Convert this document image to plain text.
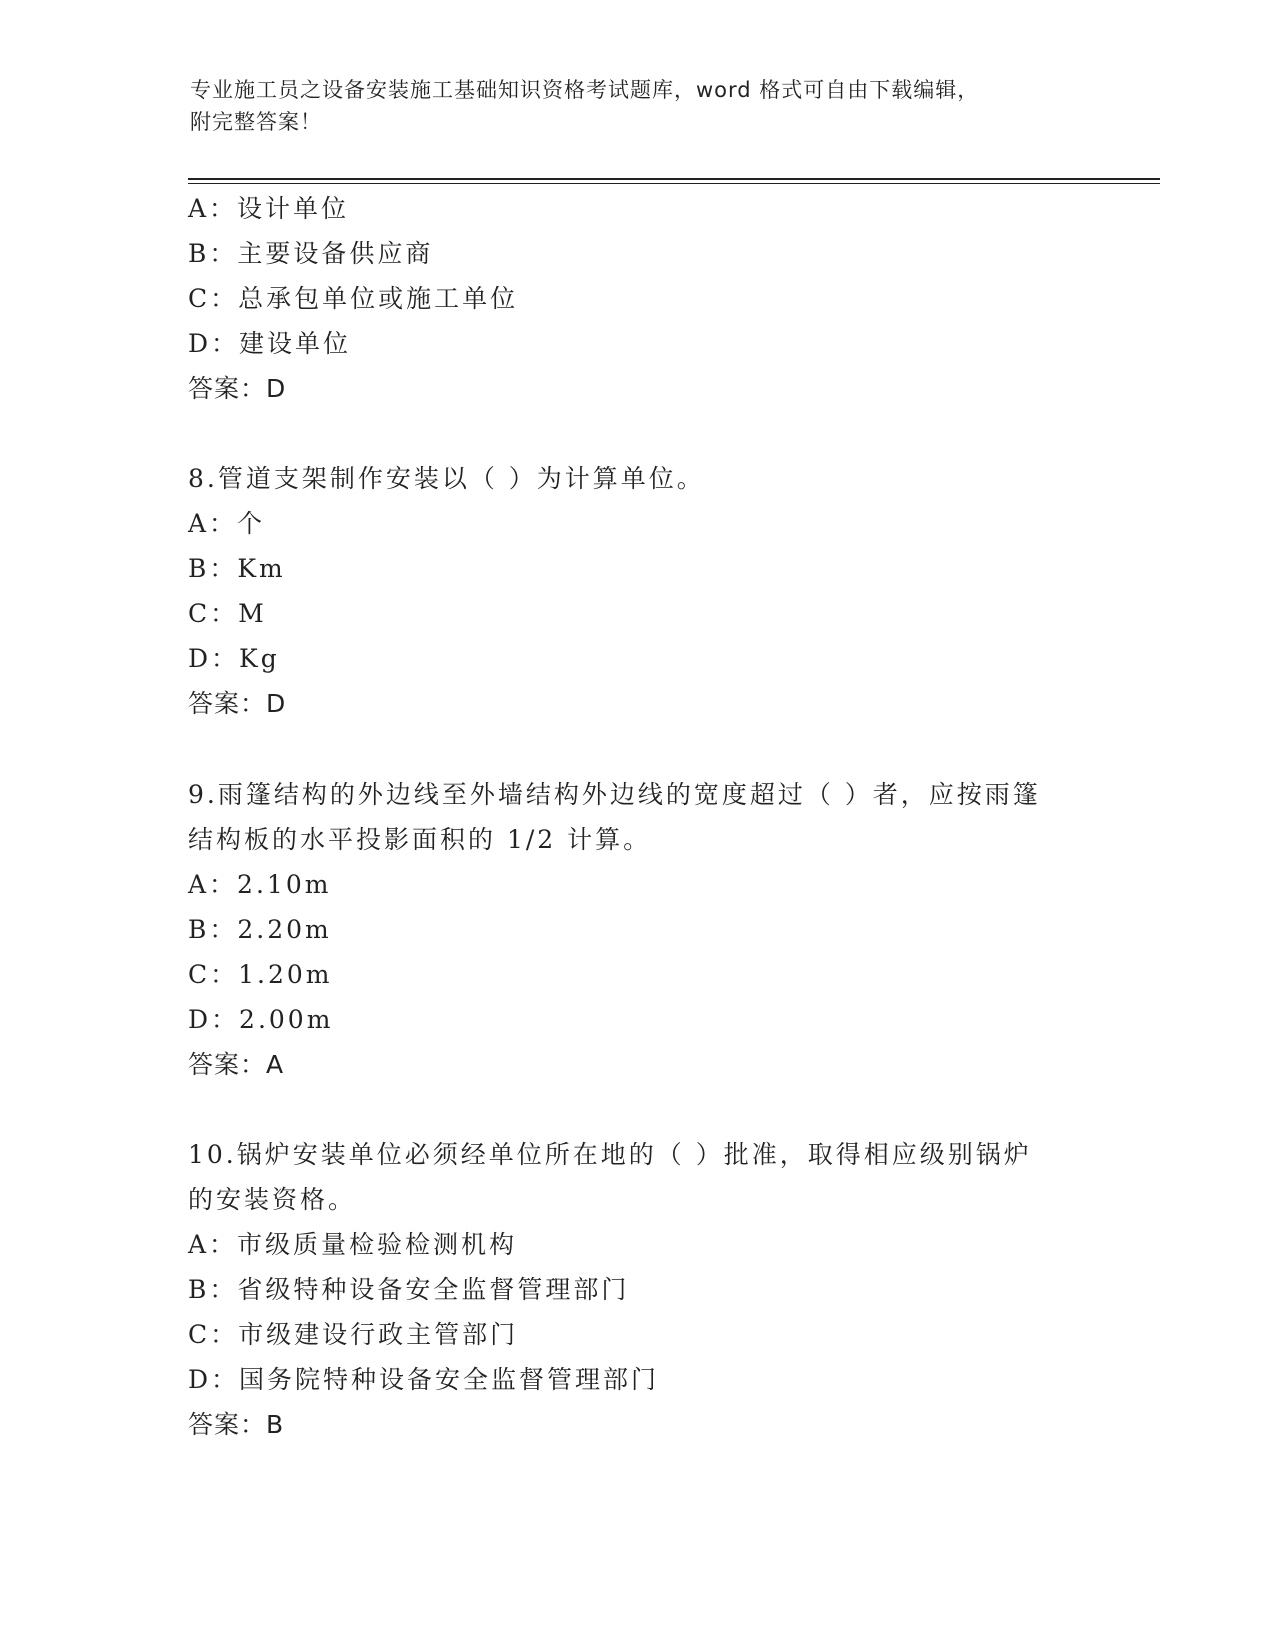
专业施工员之设备安装施工基础知识资格考试题库，word 格式可自由下载编辑，
附完整答案！
A：设计单位
B：主要设备供应商
C：总承包单位或施工单位
D：建设单位
答案：D
8.管道支架制作安装以（ ）为计算单位。
A：个
B：Km
C：M
D：Kg
答案：D
9.雨篷结构的外边线至外墙结构外边线的宽度超过（ ）者，应按雨篷
结构板的水平投影面积的 1/2 计算。
A：2.10m
B：2.20m
C：1.20m
D：2.00m
答案：A
10.锅炉安装单位必须经单位所在地的（ ）批准，取得相应级别锅炉
的安装资格。
A：市级质量检验检测机构
B：省级特种设备安全监督管理部门
C：市级建设行政主管部门
D：国务院特种设备安全监督管理部门
答案：B
